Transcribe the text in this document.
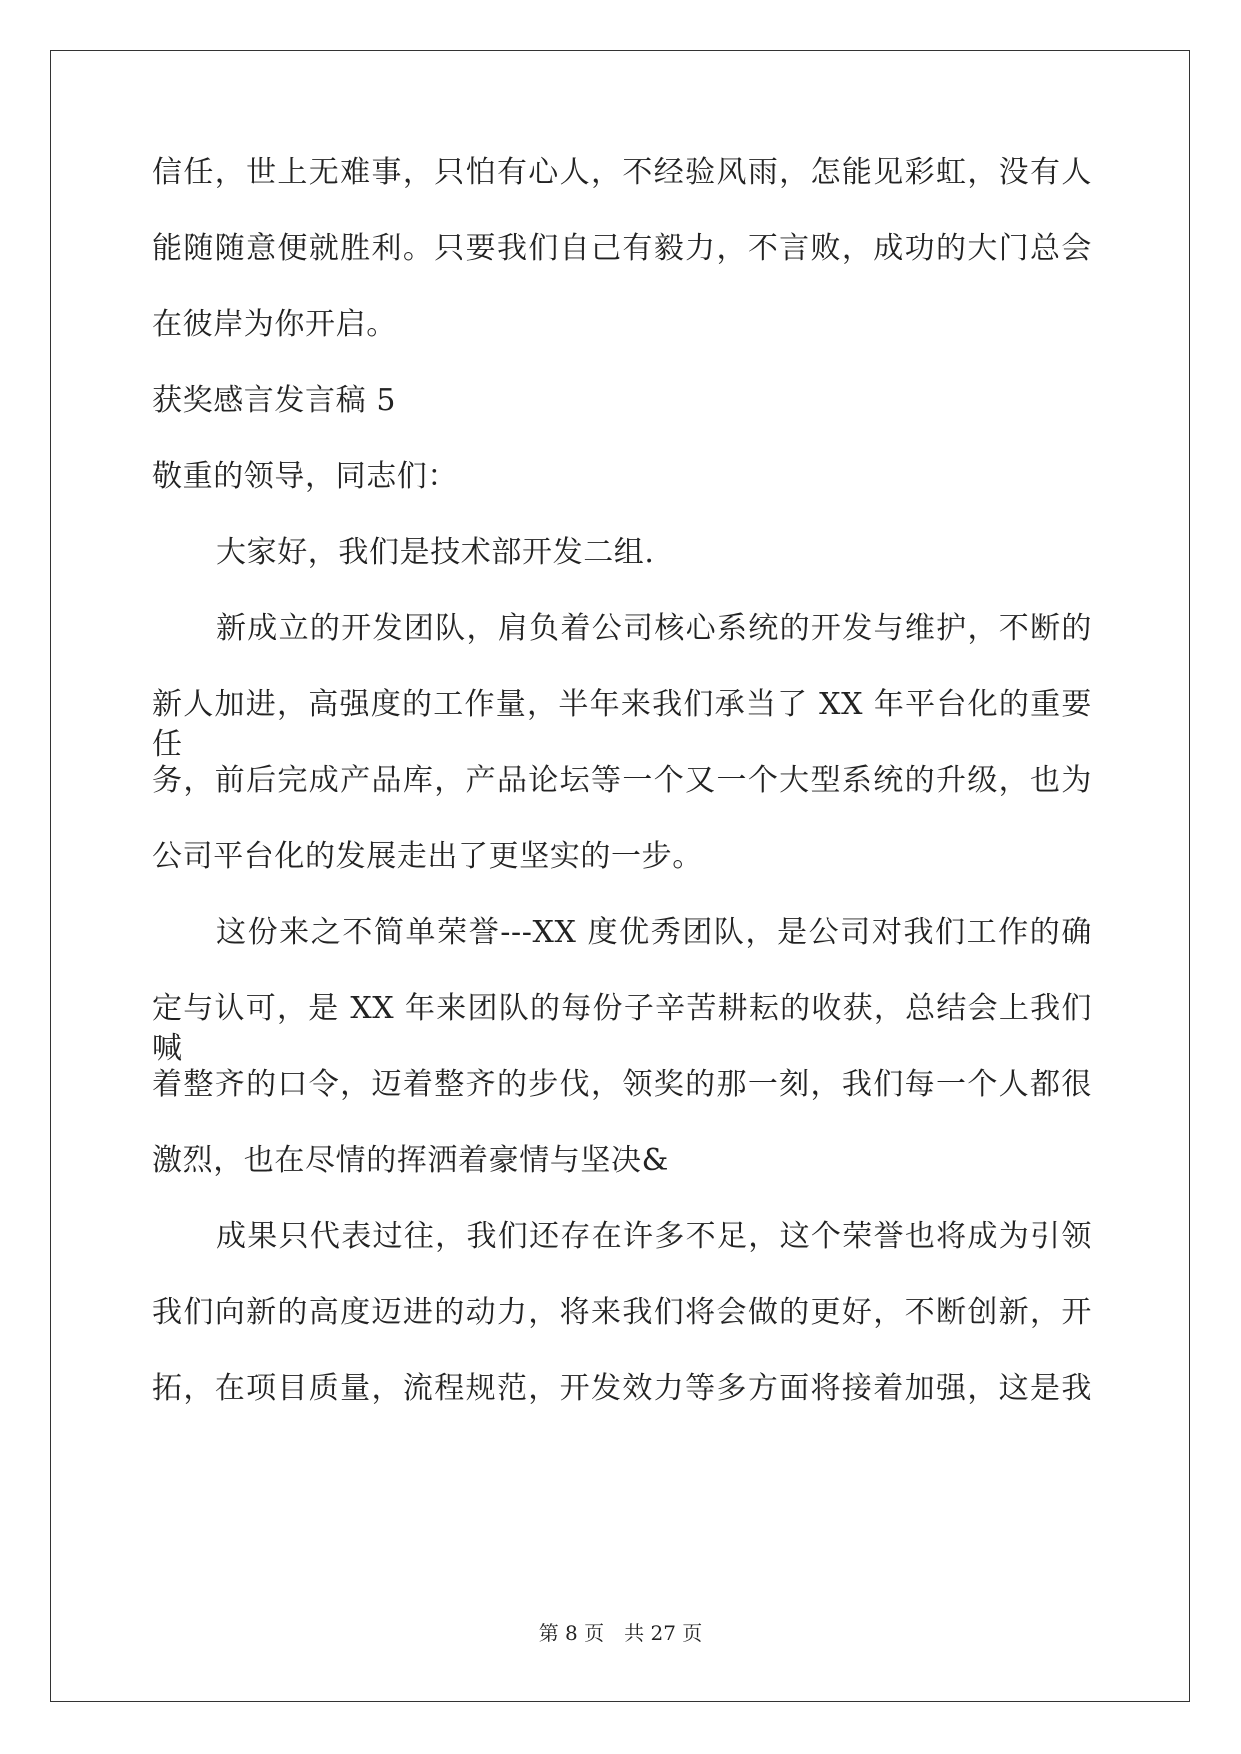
信任，世上无难事，只怕有心人，不经验风雨，怎能见彩虹，没有人

能随随意便就胜利。只要我们自己有毅力，不言败，成功的大门总会

在彼岸为你开启。

获奖感言发言稿 5

敬重的领导，同志们：

大家好，我们是技术部开发二组.

新成立的开发团队，肩负着公司核心系统的开发与维护，不断的

新人加进，高强度的工作量，半年来我们承当了 XX 年平台化的重要任

务，前后完成产品库，产品论坛等一个又一个大型系统的升级，也为

公司平台化的发展走出了更坚实的一步。

这份来之不简单荣誉---XX 度优秀团队，是公司对我们工作的确

定与认可，是 XX 年来团队的每份子辛苦耕耘的收获，总结会上我们喊

着整齐的口令，迈着整齐的步伐，领奖的那一刻，我们每一个人都很

激烈，也在尽情的挥洒着豪情与坚决&

成果只代表过往，我们还存在许多不足，这个荣誉也将成为引领

我们向新的高度迈进的动力，将来我们将会做的更好，不断创新，开

拓，在项目质量，流程规范，开发效力等多方面将接着加强，这是我

第 8 页 共 27 页
